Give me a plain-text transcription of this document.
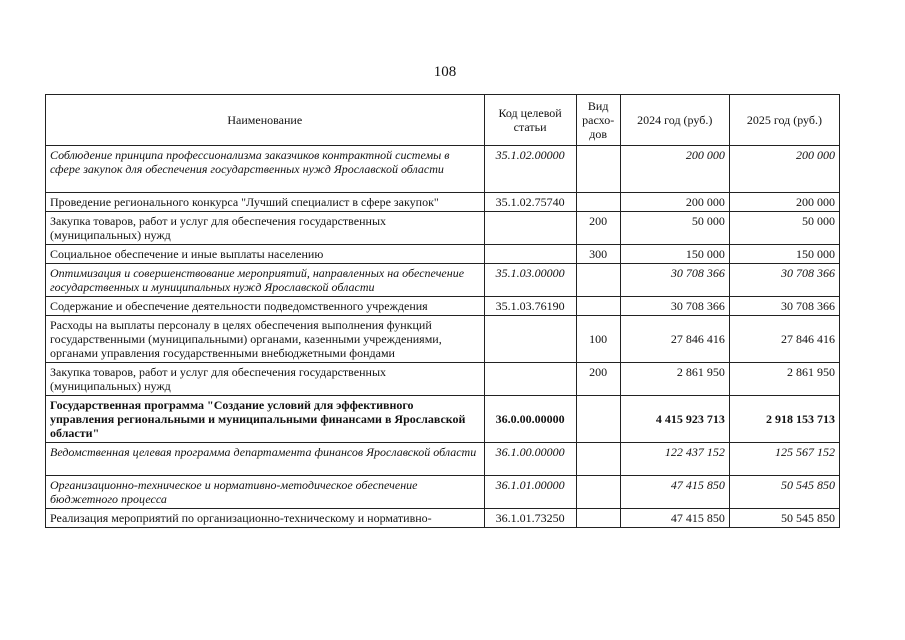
108
Наименование	Код целевой статьи	Вид расхо-дов	2024 год (руб.)	2025 год (руб.)
Соблюдение принципа профессионализма заказчиков контрактной системы в сфере закупок для обеспечения государственных нужд Ярославской области	35.1.02.00000		200 000	200 000
Проведение регионального конкурса "Лучший специалист в сфере закупок"	35.1.02.75740		200 000	200 000
Закупка товаров, работ и услуг для обеспечения государственных (муниципальных) нужд		200	50 000	50 000
Социальное обеспечение и иные выплаты населению		300	150 000	150 000
Оптимизация и совершенствование мероприятий, направленных на обеспечение государственных и муниципальных нужд Ярославской области	35.1.03.00000		30 708 366	30 708 366
Содержание и обеспечение деятельности подведомственного учреждения	35.1.03.76190		30 708 366	30 708 366
Расходы на выплаты персоналу в целях обеспечения выполнения функций государственными (муниципальными) органами, казенными учреждениями, органами управления государственными внебюджетными фондами		100	27 846 416	27 846 416
Закупка товаров, работ и услуг для обеспечения государственных (муниципальных) нужд		200	2 861 950	2 861 950
Государственная программа "Создание условий для эффективного управления региональными и муниципальными финансами в Ярославской области"	36.0.00.00000		4 415 923 713	2 918 153 713
Ведомственная целевая программа департамента финансов Ярославской области	36.1.00.00000		122 437 152	125 567 152
Организационно-техническое и нормативно-методическое обеспечение бюджетного процесса	36.1.01.00000		47 415 850	50 545 850
Реализация мероприятий по организационно-техническому и нормативно-	36.1.01.73250		47 415 850	50 545 850
